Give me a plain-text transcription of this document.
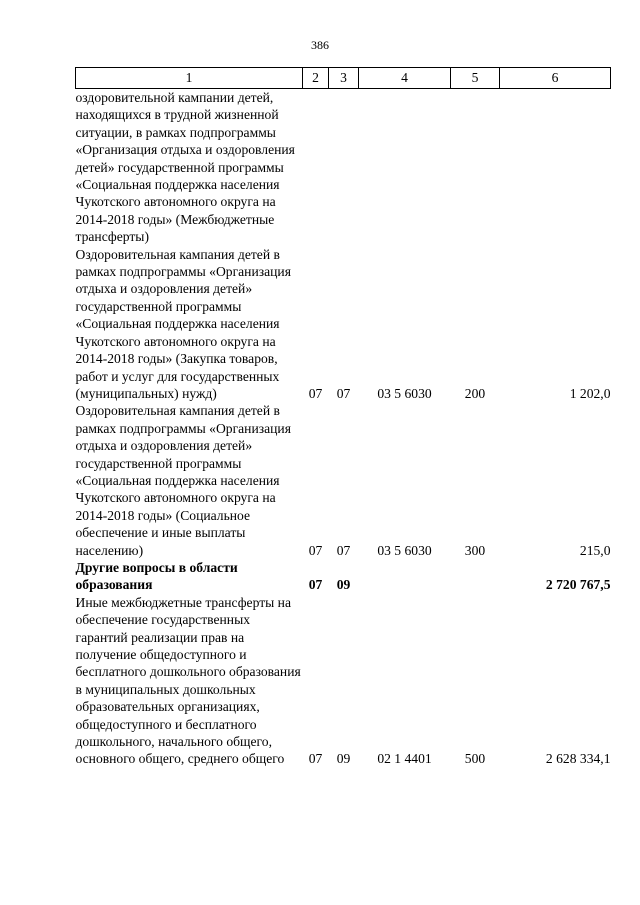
386
1	2	3	4	5	6
оздоровительной кампании детей, находящихся в трудной жизненной ситуации, в рамках подпрограммы «Организация отдыха и оздоровления детей» государственной программы «Социальная поддержка населения Чукотского автономного округа на 2014-2018 годы» (Межбюджетные трансферты)					
Оздоровительная кампания детей в рамках подпрограммы «Организация отдыха и оздоровления детей» государственной программы «Социальная поддержка населения Чукотского автономного округа на 2014-2018 годы» (Закупка товаров, работ и услуг для государственных (муниципальных) нужд)	07	07	03 5 6030	200	1 202,0
Оздоровительная кампания детей в рамках подпрограммы «Организация отдыха и оздоровления детей» государственной программы «Социальная поддержка населения Чукотского автономного округа на 2014-2018 годы» (Социальное обеспечение и иные выплаты населению)	07	07	03 5 6030	300	215,0
Другие вопросы в области образования	07	09			2 720 767,5
Иные межбюджетные трансферты на обеспечение государственных гарантий реализации прав на получение общедоступного и бесплатного дошкольного образования в муниципальных дошкольных образовательных организациях, общедоступного и бесплатного дошкольного, начального общего, основного общего, среднего общего	07	09	02 1 4401	500	2 628 334,1
